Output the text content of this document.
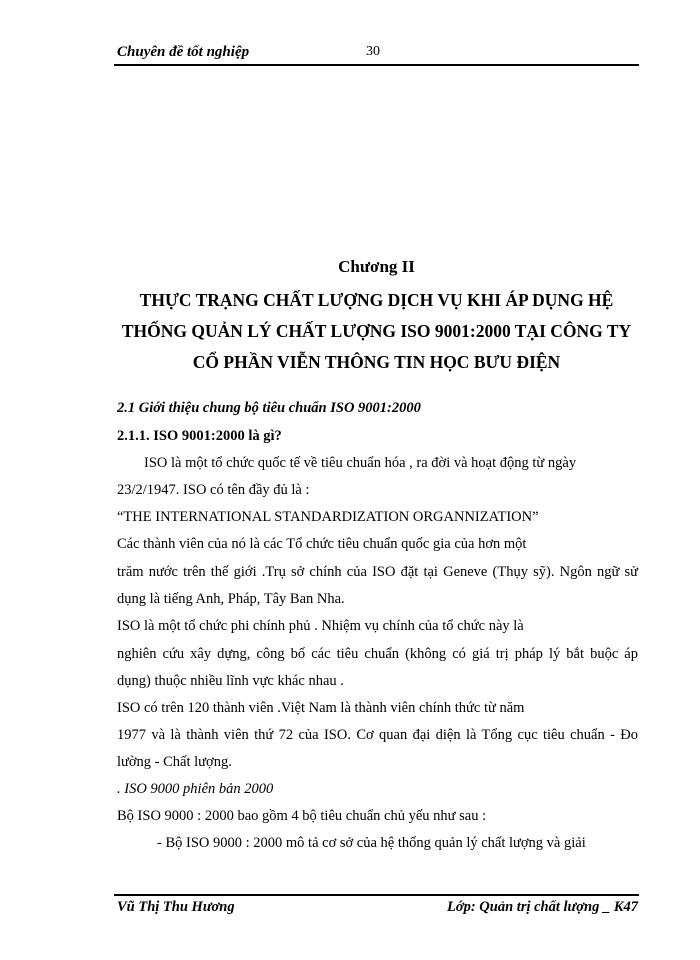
Chuyên đề tốt nghiệp	30
Chương II
THỰC TRẠNG CHẤT LƯỢNG DỊCH VỤ KHI ÁP DỤNG HỆ
THỐNG QUẢN LÝ CHẤT LƯỢNG ISO 9001:2000 TẠI CÔNG TY
CỔ PHẦN VIỄN THÔNG TIN HỌC BƯU ĐIỆN
2.1 Giới thiệu chung bộ tiêu chuẩn ISO 9001:2000
2.1.1. ISO 9001:2000 là gì?
ISO là một tổ chức quốc tế về tiêu chuẩn hóa , ra đời và hoạt động từ ngày
23/2/1947. ISO có tên đầy đủ là :
“THE INTERNATIONAL STANDARDIZATION ORGANNIZATION”
Các thành viên của nó là các Tổ chức tiêu chuẩn quốc gia của hơn một
trăm nước trên thế giới .Trụ sở chính của ISO đặt tại Geneve (Thụy sỹ). Ngôn ngữ sử
dụng là tiếng Anh, Pháp, Tây Ban Nha.
ISO là một tổ chức phi chính phủ . Nhiệm vụ chính của tổ chức này là
nghiên cứu xây dựng, công bố các tiêu chuẩn (không có giá trị pháp lý bắt buộc áp
dụng) thuộc nhiều lĩnh vực khác nhau .
ISO có trên 120 thành viên .Việt Nam là thành viên chính thức từ năm
1977 và là thành viên thứ 72 của ISO. Cơ quan đại diện là Tổng cục tiêu chuẩn - Đo
lường - Chất lượng.
. ISO 9000 phiên bản 2000
Bộ ISO 9000 : 2000 bao gồm 4 bộ tiêu chuẩn chủ yếu như sau :
- Bộ ISO 9000 : 2000 mô tả cơ sở của hệ thống quản lý chất lượng và giải
Vũ Thị Thu Hương	Lớp: Quản trị chất lượng _ K47
